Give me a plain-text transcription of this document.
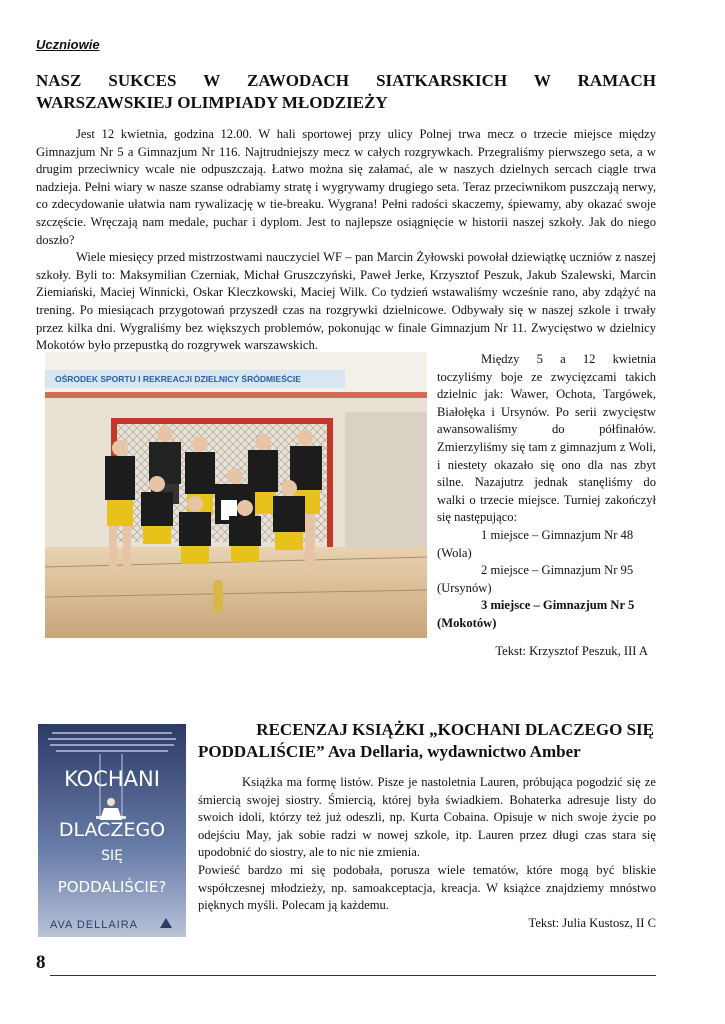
Uczniowie
NASZ SUKCES W ZAWODACH SIATKARSKICH W RAMACH WARSZAWSKIEJ OLIMPIADY MŁODZIEŻY

Jest 12 kwietnia, godzina 12.00. W hali sportowej przy ulicy Polnej trwa mecz o trzecie miejsce między Gimnazjum Nr 5 a Gimnazjum Nr 116. Najtrudniejszy mecz w całych rozgrywkach. Przegraliśmy pierwszego seta, a w drugim przeciwnicy wcale nie odpuszczają. Łatwo można się załamać, ale w naszych dzielnych sercach ciągle trwa nadzieja. Pełni wiary w nasze szanse odrabiamy stratę i wygrywamy drugiego seta. Teraz przeciwnikom puszczają nerwy, co zdecydowanie ułatwia nam rywalizację w tie-breaku. Wygrana! Pełni radości skaczemy, śpiewamy, aby okazać swoje szczęście. Wręczają nam medale, puchar i dyplom. Jest to najlepsze osiągnięcie w historii naszej szkoły. Jak do niego doszło?

Wiele miesięcy przed mistrzostwami nauczyciel WF – pan Marcin Żyłowski powołał dziewiątkę uczniów z naszej szkoły. Byli to: Maksymilian Czerniak, Michał Gruszczyński, Paweł Jerke, Krzysztof Peszuk, Jakub Szalewski, Marcin Ziemiański, Maciej Winnicki, Oskar Kleczkowski, Maciej Wilk. Co tydzień wstawaliśmy wcześnie rano, aby zdążyć na trening. Po miesiącach przygotowań przyszedł czas na rozgrywki dzielnicowe. Odbywały się w naszej szkole i trwały przez kilka dni. Wygraliśmy bez większych problemów, pokonując w finale Gimnazjum Nr 11. Zwycięstwo w dzielnicy Mokotów było przepustką do rozgrywek warszawskich.

OŚRODEK SPORTU I REKREACJI DZIELNICY ŚRÓDMIEŚCIE

Między 5 a 12 kwietnia toczyliśmy boje ze zwycięzcami takich dzielnic jak: Wawer, Ochota, Targówek, Białołęka i Ursynów. Po serii zwycięstw awansowaliśmy do półfinałów. Zmierzyliśmy się tam z gimnazjum z Woli, i niestety okazało się ono dla nas zbyt silne. Nazajutrz jednak stanęliśmy do walki o trzecie miejsce. Turniej zakończył się następująco:

1 miejsce – Gimnazjum Nr 48 (Wola)

2 miejsce – Gimnazjum Nr 95 (Ursynów)

3 miejsce – Gimnazjum Nr 5 (Mokotów)

Tekst: Krzysztof Peszuk, III A

KOCHANI
DLACZEGO
SIĘ
PODDALIŚCIE?
AVA DELLAIRA
RECENZAJ KSIĄŻKI „KOCHANI DLACZEGO SIĘ
PODDALIŚCIE” Ava Dellaria, wydawnictwo Amber

Książka ma formę listów. Pisze je nastoletnia Lauren, próbująca pogodzić się ze śmiercią swojej siostry. Śmiercią, której była świadkiem. Bohaterka adresuje listy do swoich idoli, którzy też już odeszli, np. Kurta Cobaina. Opisuje w nich swoje życie po odejściu May, jak sobie radzi w nowej szkole, itp. Lauren przez długi czas stara się upodobnić do siostry, ale to nic nie zmienia.

Powieść bardzo mi się podobała, porusza wiele tematów, które mogą być bliskie współczesnej młodzieży, np. samoakceptacja, kreacja. W książce znajdziemy mnóstwo pięknych myśli. Polecam ją każdemu.

Tekst: Julia Kustosz, II C

8
